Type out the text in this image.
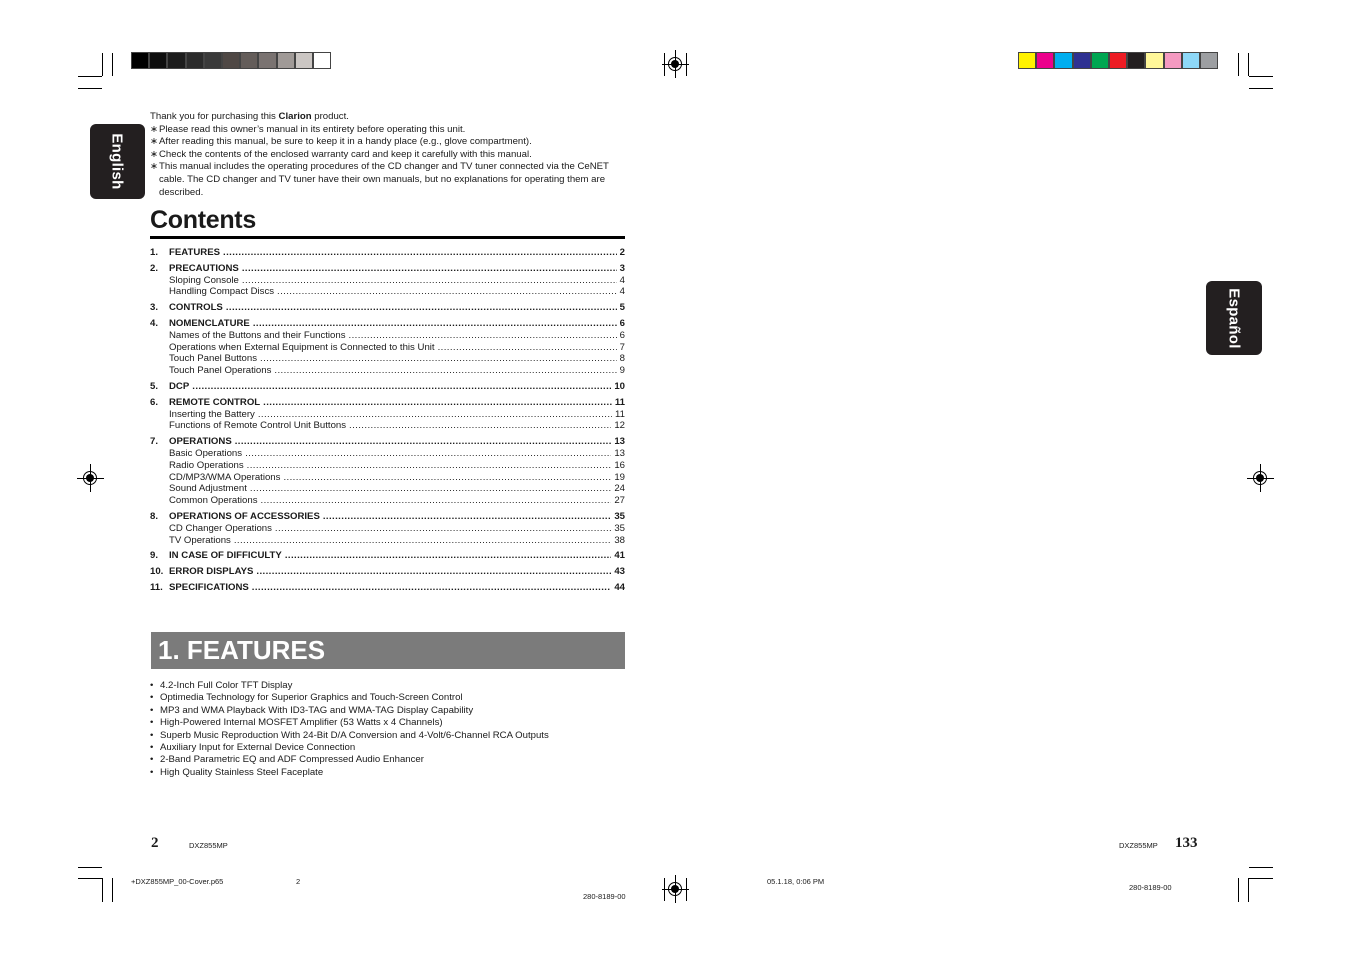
English
Español
Thank you for purchasing this Clarion product.
∗ Please read this owner’s manual in its entirety before operating this unit.
∗ After reading this manual, be sure to keep it in a handy place (e.g., glove compartment).
∗ Check the contents of the enclosed warranty card and keep it carefully with this manual.
∗ This manual includes the operating procedures of the CD changer and TV tuner connected via the CeNET cable. The CD changer and TV tuner have their own manuals, but no explanations for operating them are described.
Contents
1.	FEATURES .....	2
2.	PRECAUTIONS .....	3
Sloping Console .....	4
Handling Compact Discs .....	4
3.	CONTROLS .....	5
4.	NOMENCLATURE .....	6
Names of the Buttons and their Functions .....	6
Operations when External Equipment is Connected to this Unit .....	7
Touch Panel Buttons .....	8
Touch Panel Operations .....	9
5.	DCP .....	10
6.	REMOTE CONTROL .....	11
Inserting the Battery .....	11
Functions of Remote Control Unit Buttons .....	12
7.	OPERATIONS .....	13
Basic Operations .....	13
Radio Operations .....	16
CD/MP3/WMA Operations .....	19
Sound Adjustment .....	24
Common Operations .....	27
8.	OPERATIONS OF ACCESSORIES .....	35
CD Changer Operations .....	35
TV Operations .....	38
9.	IN CASE OF DIFFICULTY .....	41
10. ERROR DISPLAYS .....	43
11. SPECIFICATIONS .....	44
1. FEATURES
• 4.2-Inch Full Color TFT Display
• Optimedia Technology for Superior Graphics and Touch-Screen Control
• MP3 and WMA Playback With ID3-TAG and WMA-TAG Display Capability
• High-Powered Internal MOSFET Amplifier (53 Watts x 4 Channels)
• Superb Music Reproduction With 24-Bit D/A Conversion and 4-Volt/6-Channel RCA Outputs
• Auxiliary Input for External Device Connection
• 2-Band Parametric EQ and ADF Compressed Audio Enhancer
• High Quality Stainless Steel Faceplate
2	DXZ855MP	DXZ855MP 133
+DXZ855MP_00-Cover.p65	2
280-8189-00
05.1.18, 0:06 PM
280-8189-00
